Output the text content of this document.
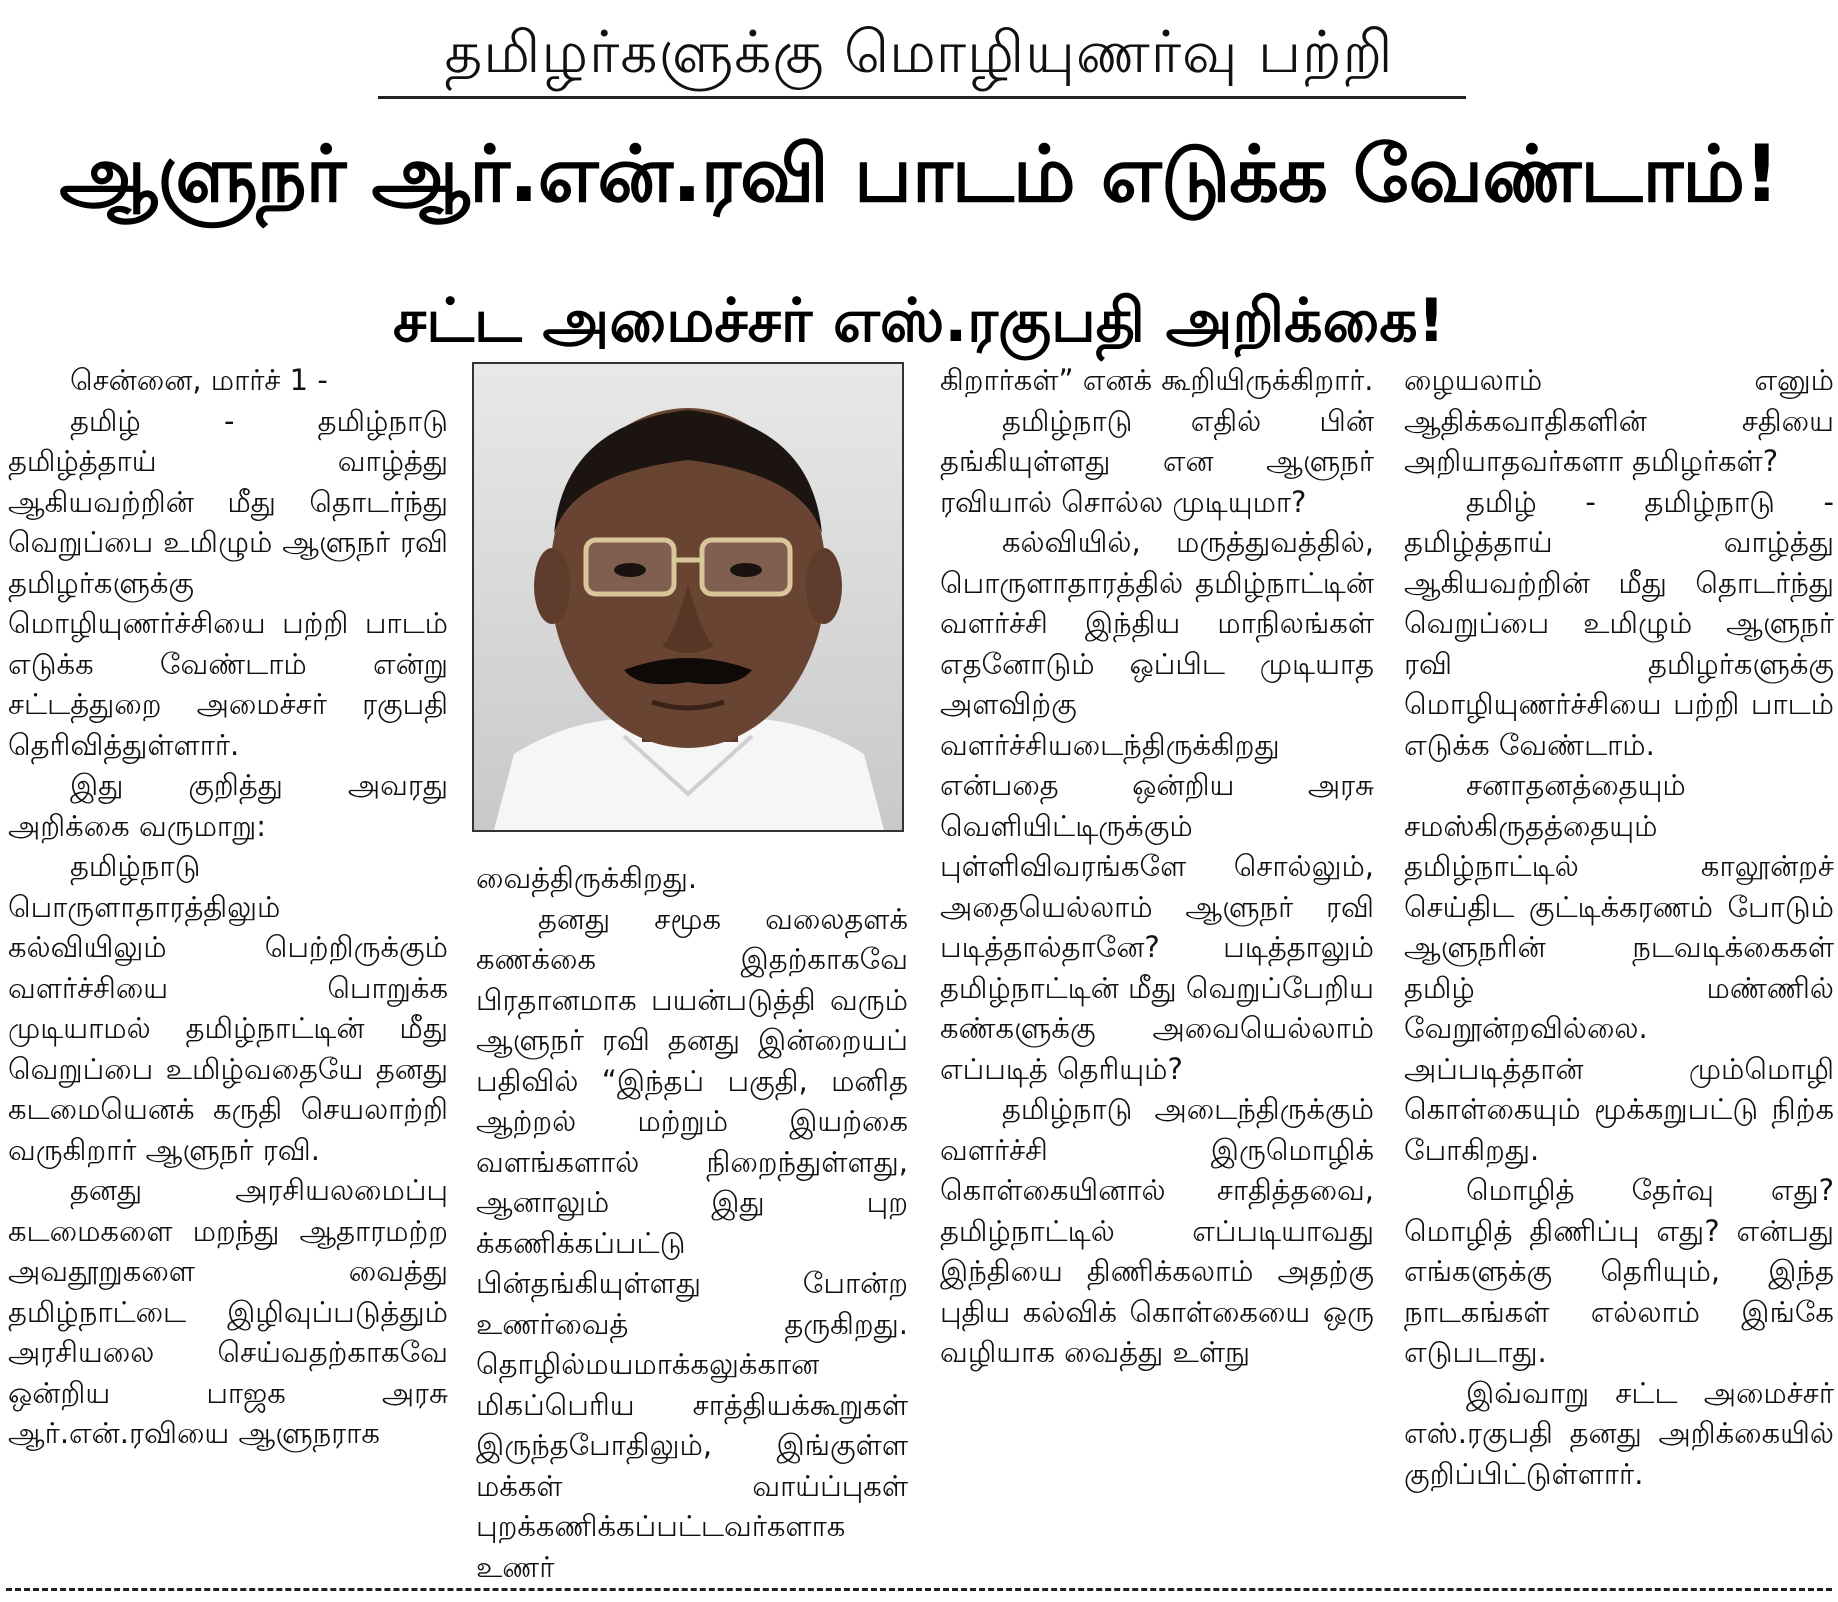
தமிழர்களுக்கு மொழியுணர்வு பற்றி
ஆளுநர் ஆர்.என்.ரவி பாடம் எடுக்க வேண்டாம்!
சட்ட அமைச்சர் எஸ்.ரகுபதி அறிக்கை!

சென்னை, மார்ச் 1 -

தமிழ் - தமிழ்நாடு தமிழ்த்தாய் வாழ்த்து ஆகியவற்றின் மீது தொடர்ந்து வெறுப்பை உமிழும் ஆளுநர் ரவி தமிழர்களுக்கு மொழியுணர்ச்சியை பற்றி பாடம் எடுக்க வேண்டாம் என்று சட்டத்துறை அமைச்சர் ரகுபதி தெரிவித்துள்ளார்.

இது குறித்து அவரது அறிக்கை வருமாறு:

தமிழ்நாடு பொருளாதாரத்திலும் கல்வியிலும் பெற்றிருக்கும் வளர்ச்சியை பொறுக்க முடியாமல் தமிழ்நாட்டின் மீது வெறுப்பை உமிழ்வதையே தனது கடமையெனக் கருதி செயலாற்றி வருகிறார் ஆளுநர் ரவி.

தனது அரசியலமைப்பு கடமைகளை மறந்து ஆதாரமற்ற அவதூறுகளை வைத்து தமிழ்நாட்டை இழிவுப்படுத்தும் அரசியலை செய்வதற்காகவே ஒன்றிய பாஜக அரசு ஆர்.என்.ரவியை ஆளுநராக

வைத்திருக்கிறது.

தனது சமூக வலைதளக் கணக்கை இதற்காகவே பிரதானமாக பயன்படுத்தி வரும் ஆளுநர் ரவி தனது இன்றையப் பதிவில் “இந்தப் பகுதி, மனித ஆற்றல் மற்றும் இயற்கை வளங்களால் நிறைந்துள்ளது, ஆனாலும் இது புற க்கணிக்கப்பட்டு பின்தங்கியுள்ளது போன்ற உணர்வைத் தருகிறது. தொழில்மயமாக்கலுக்கான மிகப்பெரிய சாத்தியக்கூறுகள் இருந்தபோதிலும், இங்குள்ள மக்கள் வாய்ப்புகள் புறக்கணிக்கப்பட்டவர்களாக உணர்

கிறார்கள்” எனக் கூறியிருக்கிறார்.

தமிழ்நாடு எதில் பின் தங்கியுள்ளது என ஆளுநர் ரவியால் சொல்ல முடியுமா?

கல்வியில், மருத்துவத்தில், பொருளாதாரத்தில் தமிழ்நாட்டின் வளர்ச்சி இந்திய மாநிலங்கள் எதனோடும் ஒப்பிட முடியாத அளவிற்கு வளர்ச்சியடைந்திருக்கிறது என்பதை ஒன்றிய அரசு வெளியிட்டிருக்கும் புள்ளிவிவரங்களே சொல்லும், அதையெல்லாம் ஆளுநர் ரவி படித்தால்தானே? படித்தாலும் தமிழ்நாட்டின் மீது வெறுப்பேறிய கண்களுக்கு அவையெல்லாம் எப்படித் தெரியும்?

தமிழ்நாடு அடைந்திருக்கும் வளர்ச்சி இருமொழிக் கொள்கையினால் சாதித்தவை, தமிழ்நாட்டில் எப்படியாவது இந்தியை திணிக்கலாம் அதற்கு புதிய கல்விக் கொள்கையை ஒரு வழியாக வைத்து உள்நு

ழையலாம் எனும் ஆதிக்கவாதிகளின் சதியை அறியாதவர்களா தமிழர்கள்?

தமிழ் - தமிழ்நாடு - தமிழ்த்தாய் வாழ்த்து ஆகியவற்றின் மீது தொடர்ந்து வெறுப்பை உமிழும் ஆளுநர் ரவி தமிழர்களுக்கு மொழியுணர்ச்சியை பற்றி பாடம் எடுக்க வேண்டாம்.

சனாதனத்தையும் சமஸ்கிருதத்தையும் தமிழ்நாட்டில் காலூன்றச் செய்திட குட்டிக்கரணம் போடும் ஆளுநரின் நடவடிக்கைகள் தமிழ் மண்ணில் வேறூன்றவில்லை. அப்படித்தான் மும்மொழி கொள்கையும் மூக்கறுபட்டு நிற்க போகிறது.

மொழித் தேர்வு எது? மொழித் திணிப்பு எது? என்பது எங்களுக்கு தெரியும், இந்த நாடகங்கள் எல்லாம் இங்கே எடுபடாது.

இவ்வாறு சட்ட அமைச்சர் எஸ்.ரகுபதி தனது அறிக்கையில் குறிப்பிட்டுள்ளார்.
